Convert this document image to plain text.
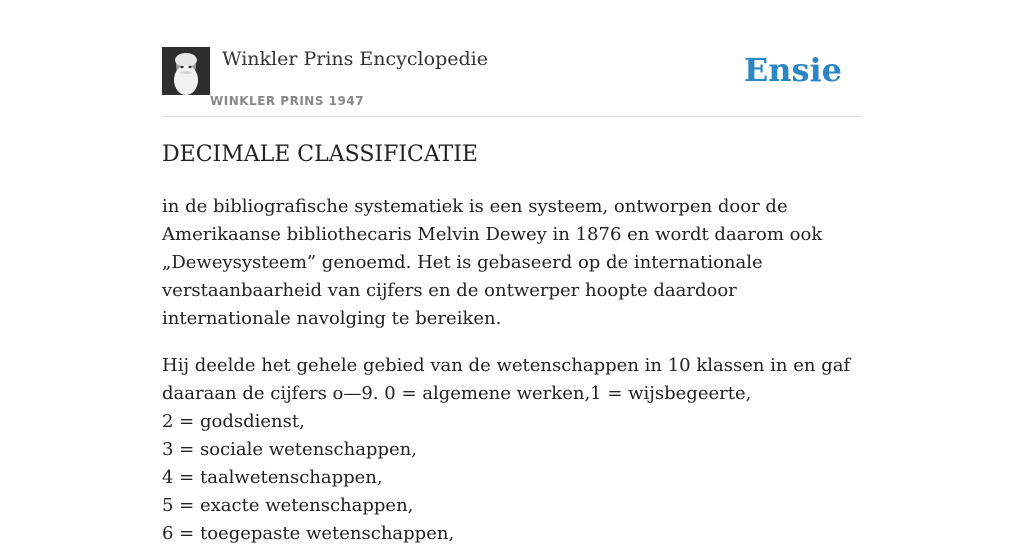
Winkler Prins Encyclopedie
WINKLER PRINS 1947
Ensie
DECIMALE CLASSIFICATIE

in de bibliografische systematiek is een systeem, ontworpen door de Amerikaanse bibliothecaris Melvin Dewey in 1876 en wordt daarom ook „Deweysysteem” genoemd. Het is gebaseerd op de internationale verstaanbaarheid van cijfers en de ontwerper hoopte daardoor internationale navolging te bereiken.

Hij deelde het gehele gebied van de wetenschappen in 10 klassen in en gaf daaraan de cijfers o—9. 0 = algemene werken,1 = wijsbegeerte,
2 = godsdienst,
3 = sociale wetenschappen,
4 = taalwetenschappen,
5 = exacte wetenschappen,
6 = toegepaste wetenschappen,
